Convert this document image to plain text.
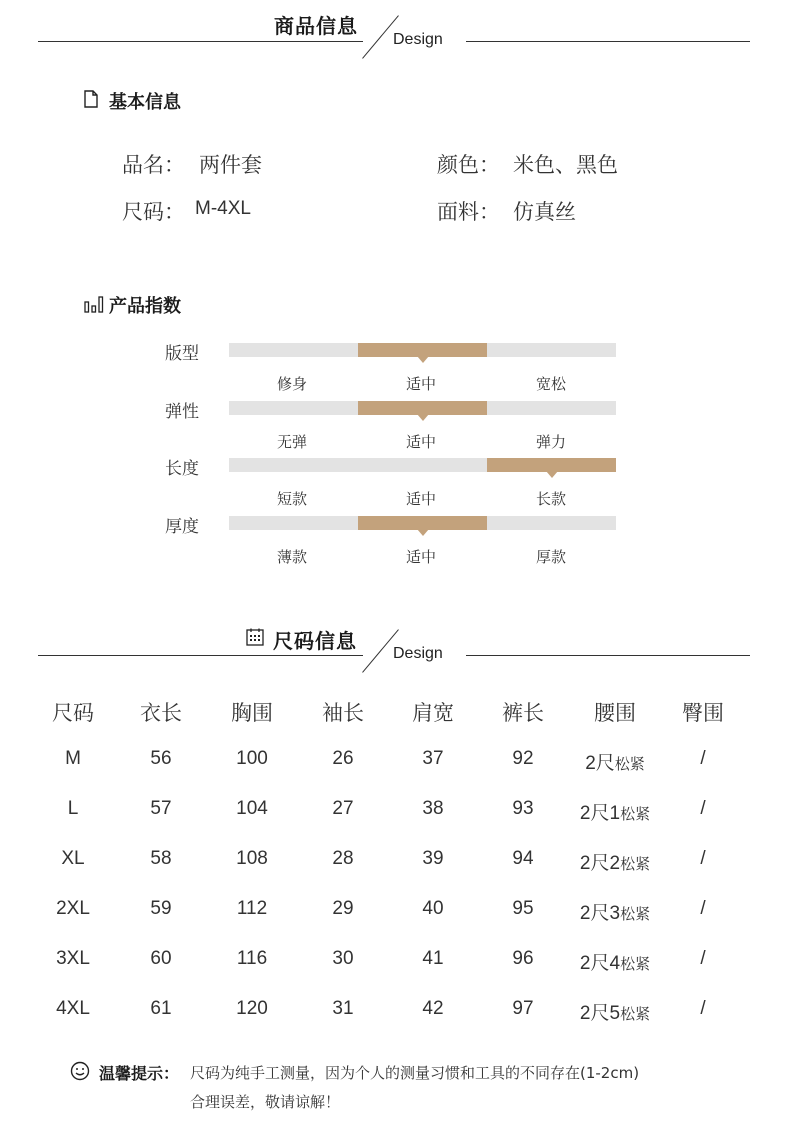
商品信息
Design
基本信息
品名： 两件套	颜色： 米色、黑色
尺码： M-4XL	面料： 仿真丝
产品指数
版型
修身	适中	宽松
弹性
无弹	适中	弹力
长度
短款	适中	长款
厚度
薄款	适中	厚款
尺码信息
Design
尺码	衣长	胸围	袖长	肩宽	裤长	腰围	臀围
M	56	100	26	37	92	2尺松紧	/
L	57	104	27	38	93	2尺1松紧	/
XL	58	108	28	39	94	2尺2松紧	/
2XL	59	112	29	40	95	2尺3松紧	/
3XL	60	116	30	41	96	2尺4松紧	/
4XL	61	120	31	42	97	2尺5松紧	/
温馨提示： 尺码为纯手工测量，因为个人的测量习惯和工具的不同存在(1-2cm)
合理误差，敬请谅解！
